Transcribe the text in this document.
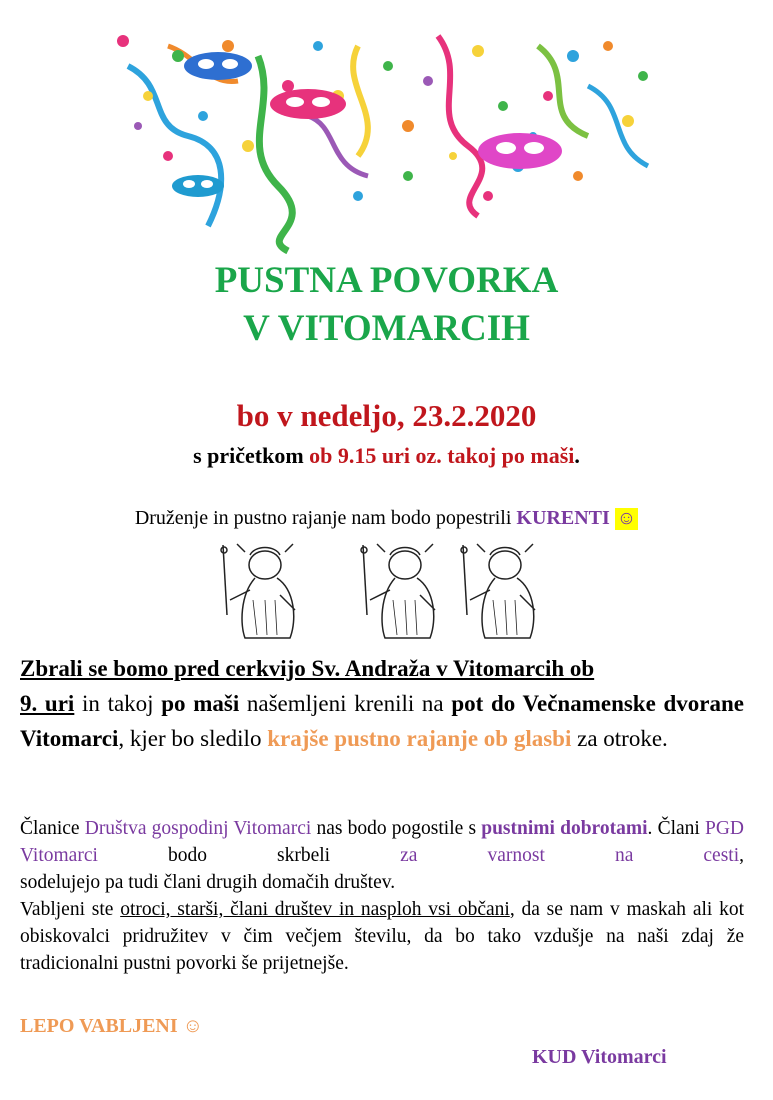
PUSTNA POVORKA
V VITOMARCIH
bo v nedeljo, 23.2.2020
s pričetkom ob 9.15 uri oz. takoj po maši.
Druženje in pustno rajanje nam bodo popestrili KURENTI ☺
Zbrali se bomo pred cerkvijo Sv. Andraža v Vitomarcih ob
9. uri in takoj po maši našemljeni krenili na pot do Večnamenske dvorane Vitomarci, kjer bo sledilo krajše pustno rajanje ob glasbi za otroke.
Članice Društva gospodinj Vitomarci nas bodo pogostile s pustnimi dobrotami. Člani PGD Vitomarci bodo skrbeli za varnost na cesti,
sodelujejo pa tudi člani drugih domačih društev.
Vabljeni ste otroci, starši, člani društev in nasploh vsi občani, da se nam v maskah ali kot obiskovalci pridružitev v čim večjem številu, da bo tako vzdušje na naši zdaj že tradicionalni pustni povorki še prijetnejše.
LEPO VABLJENI ☺
KUD Vitomarci
